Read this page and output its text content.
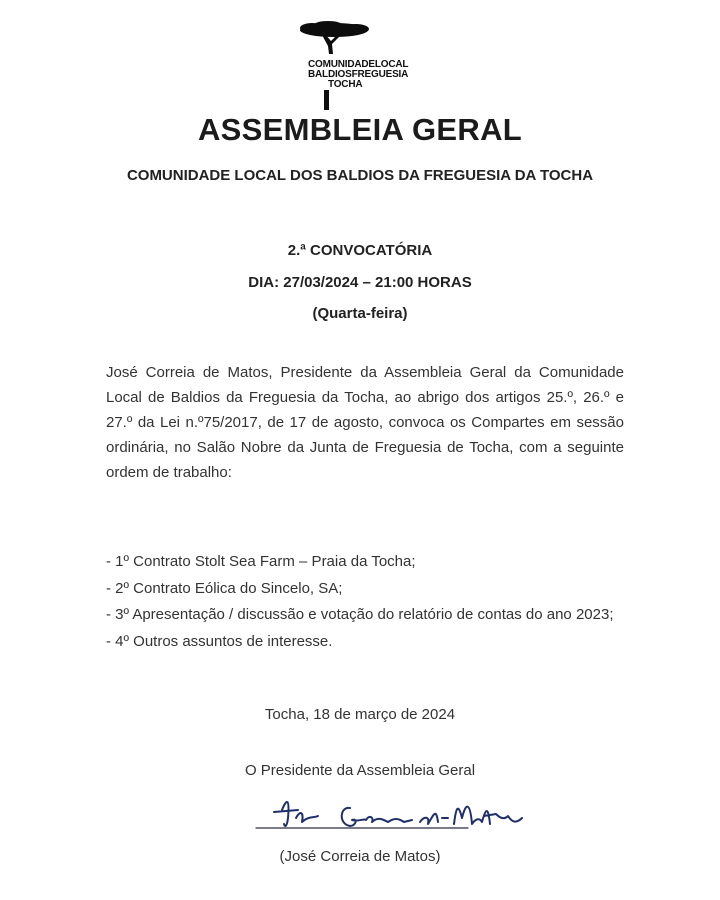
COMUNIDADELOCAL
BALDIOSFREGUESIA
TOCHA
ASSEMBLEIA GERAL
COMUNIDADE LOCAL DOS BALDIOS DA FREGUESIA DA TOCHA
2.ª CONVOCATÓRIA
DIA: 27/03/2024 – 21:00 HORAS
(Quarta-feira)
José Correia de Matos, Presidente da Assembleia Geral da Comunidade Local de Baldios da Freguesia da Tocha, ao abrigo dos artigos 25.º, 26.º e 27.º da Lei n.º75/2017, de 17 de agosto, convoca os Compartes em sessão ordinária, no Salão Nobre da Junta de Freguesia de Tocha, com a seguinte ordem de trabalho:
- 1º Contrato Stolt Sea Farm – Praia da Tocha;
- 2º Contrato Eólica do Sincelo, SA;
- 3º Apresentação / discussão e votação do relatório de contas do ano 2023;
- 4º Outros assuntos de interesse.
Tocha, 18 de março de 2024
O Presidente da Assembleia Geral
(José Correia de Matos)
